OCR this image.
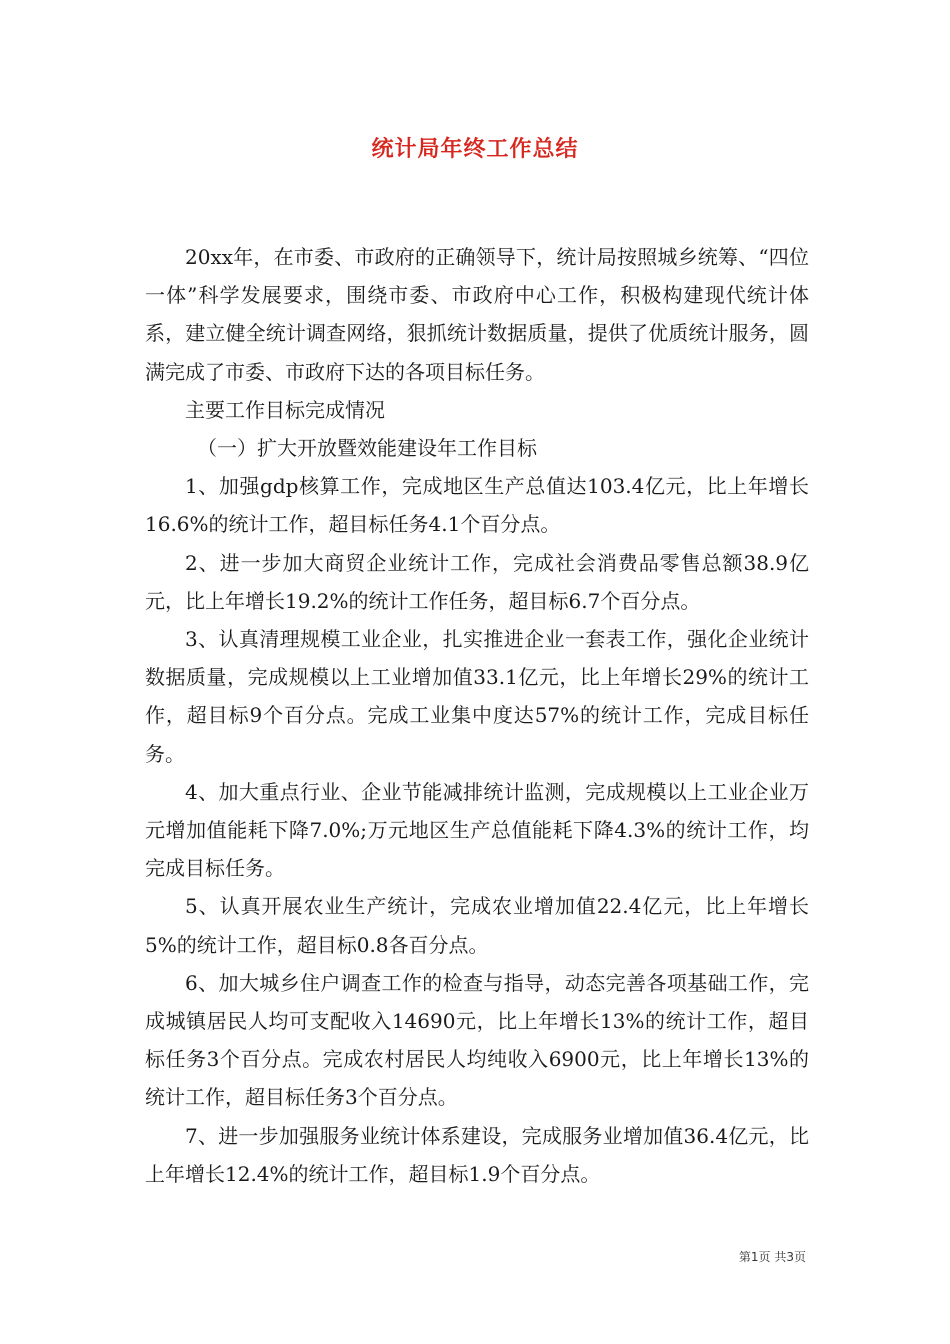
统计局年终工作总结

20xx年，在市委、市政府的正确领导下，统计局按照城乡统筹、“四位一体”科学发展要求，围绕市委、市政府中心工作，积极构建现代统计体系，建立健全统计调查网络，狠抓统计数据质量，提供了优质统计服务，圆满完成了市委、市政府下达的各项目标任务。

主要工作目标完成情况

（一）扩大开放暨效能建设年工作目标

1、加强gdp核算工作，完成地区生产总值达103.4亿元，比上年增长16.6%的统计工作，超目标任务4.1个百分点。

2、进一步加大商贸企业统计工作，完成社会消费品零售总额38.9亿元，比上年增长19.2%的统计工作任务，超目标6.7个百分点。

3、认真清理规模工业企业，扎实推进企业一套表工作，强化企业统计数据质量，完成规模以上工业增加值33.1亿元，比上年增长29%的统计工作，超目标9个百分点。完成工业集中度达57%的统计工作，完成目标任务。

4、加大重点行业、企业节能减排统计监测，完成规模以上工业企业万元增加值能耗下降7.0%;万元地区生产总值能耗下降4.3%的统计工作，均完成目标任务。

5、认真开展农业生产统计，完成农业增加值22.4亿元，比上年增长5%的统计工作，超目标0.8各百分点。

6、加大城乡住户调查工作的检查与指导，动态完善各项基础工作，完成城镇居民人均可支配收入14690元，比上年增长13%的统计工作，超目标任务3个百分点。完成农村居民人均纯收入6900元，比上年增长13%的统计工作，超目标任务3个百分点。

7、进一步加强服务业统计体系建设，完成服务业增加值36.4亿元，比上年增长12.4%的统计工作，超目标1.9个百分点。

第1页 共3页
